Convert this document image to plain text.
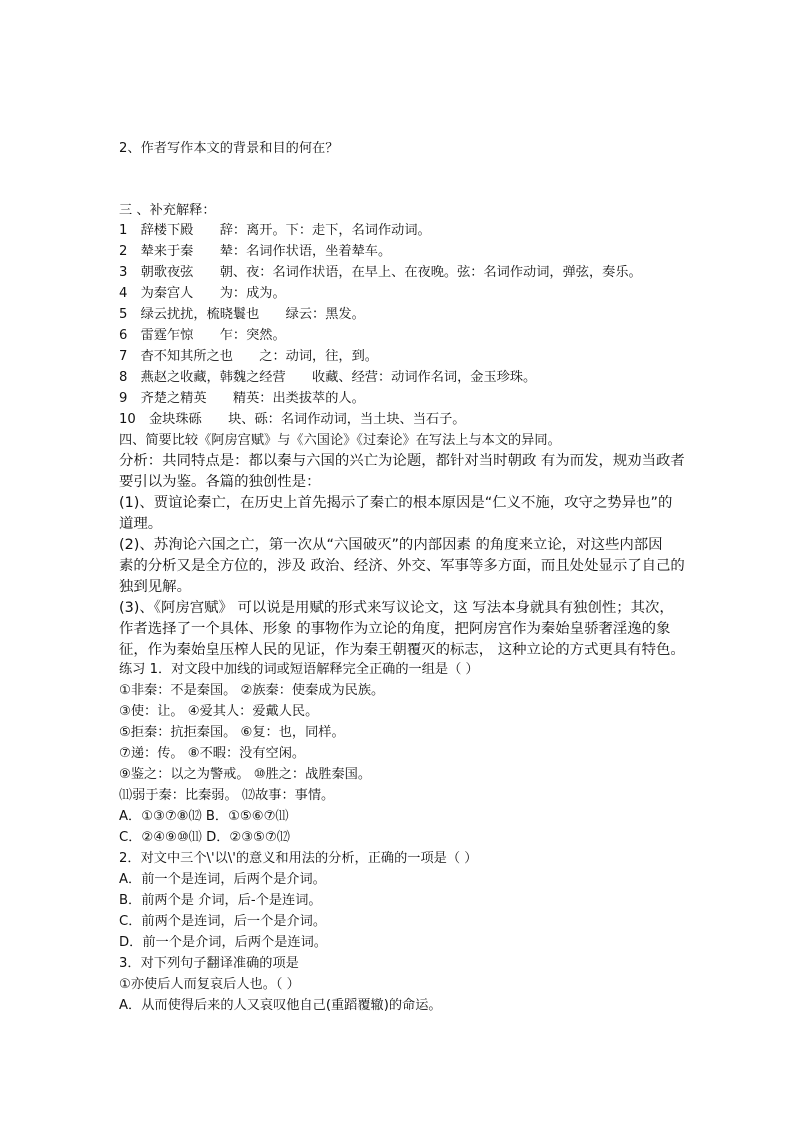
2、作者写作本文的背景和目的何在？
三 、补充解释：
1　辞楼下殿　　辞：离开。下：走下，名词作动词。
2　辇来于秦　　辇：名词作状语，坐着辇车。
3　朝歌夜弦　　朝、夜：名词作状语，在早上、在夜晚。弦：名词作动词，弹弦，奏乐。
4　为秦宫人　　为：成为。
5　绿云扰扰，梳晓鬟也　　绿云：黑发。
6　雷霆乍惊　　乍：突然。
7　杳不知其所之也　　之：动词，往，到。
8　燕赵之收藏，韩魏之经营　　收藏、经营：动词作名词，金玉珍珠。
9　齐楚之精英　　精英：出类拔萃的人。
10　金块珠砾　　块、砾：名词作动词，当土块、当石子。
四、简要比较《阿房宫赋》与《六国论》《过秦论》在写法上与本文的异同。
分析：共同特点是：都以秦与六国的兴亡为论题，都针对当时朝政 有为而发，规劝当政者
要引以为鉴。各篇的独创性是：
(1)、贾谊论秦亡，在历史上首先揭示了秦亡的根本原因是“仁义不施，攻守之势异也”的
道理。
(2)、苏洵论六国之亡，第一次从“六国破灭”的内部因素 的角度来立论，对这些内部因
素的分析又是全方位的，涉及 政治、经济、外交、军事等多方面，而且处处显示了自己的
独到见解。
(3)、《阿房宫赋》 可以说是用赋的形式来写议论文，这 写法本身就具有独创性；其次，
作者选择了一个具体、形象 的事物作为立论的角度，把阿房宫作为秦始皇骄奢淫逸的象
征，作为秦始皇压榨人民的见证，作为秦王朝覆灭的标志， 这种立论的方式更具有特色。
练习 1．对文段中加线的词或短语解释完全正确的一组是（ ）
①非秦：不是秦国。 ②族秦：使秦成为民族。
③使：让。 ④爱其人：爱戴人民。
⑤拒秦：抗拒秦国。 ⑥复：也，同样。
⑦递：传。 ⑧不暇：没有空闲。
⑨鉴之：以之为警戒。 ⑩胜之：战胜秦国。
⑾弱于秦：比秦弱。 ⑿故事：事情。
A．①③⑦⑧⑿ B．①⑤⑥⑦⑾
C．②④⑨⑩⑾ D．②③⑤⑦⑿
2．对文中三个\'以\'的意义和用法的分析，正确的一项是（ ）
A．前一个是连词，后两个是介词。
B．前两个是 介词，后-个是连词。
C．前两个是连词，后一个是介词。
D．前一个是介词，后两个是连词。
3．对下列句子翻译准确的项是
①亦使后人而复哀后人也。（ ）
A．从而使得后来的人又哀叹他自己(重蹈覆辙)的命运。
